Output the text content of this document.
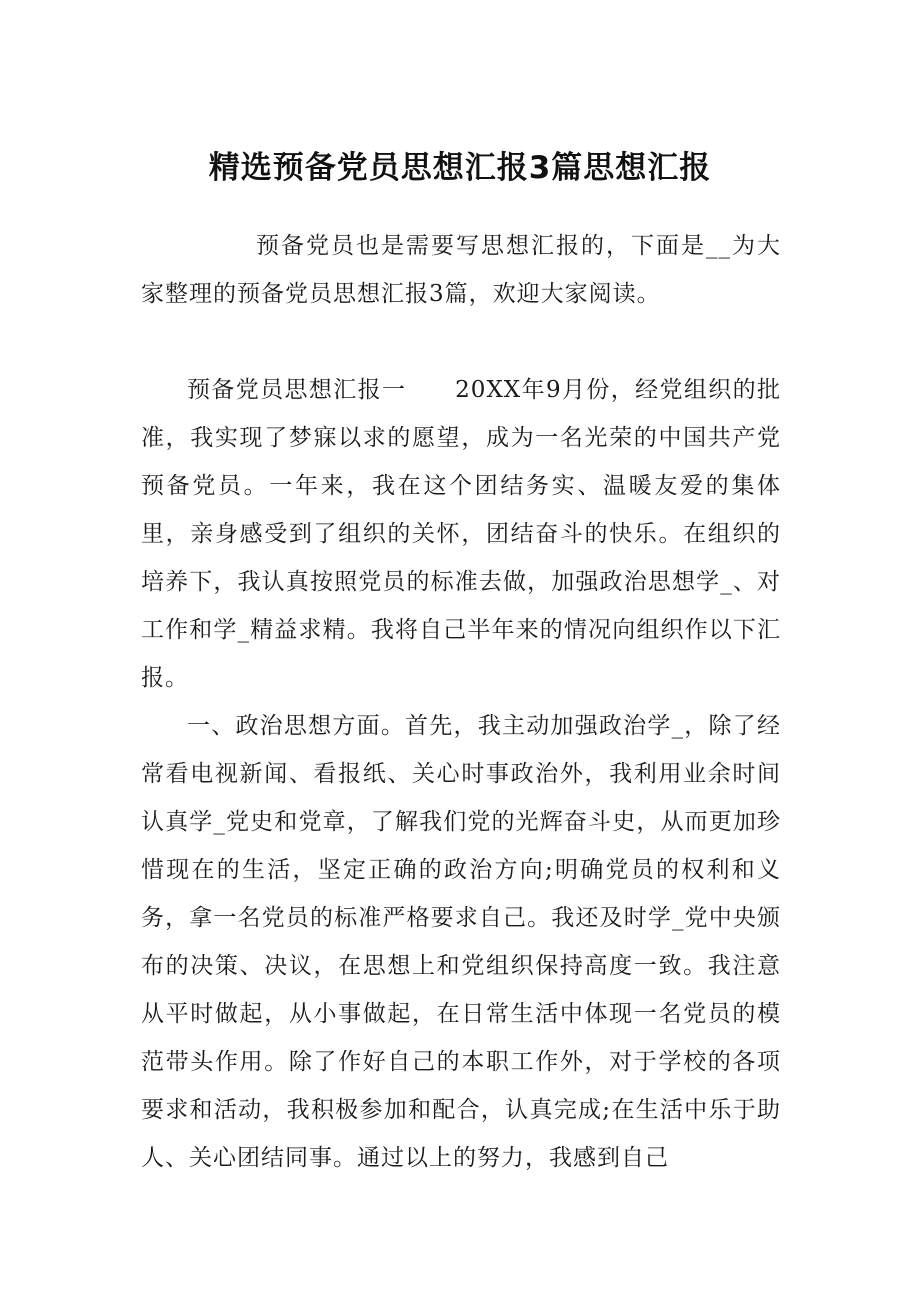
精选预备党员思想汇报3篇思想汇报

预备党员也是需要写思想汇报的，下面是__为大家整理的预备党员思想汇报3篇，欢迎大家阅读。

预备党员思想汇报一　　20XX年9月份，经党组织的批准，我实现了梦寐以求的愿望，成为一名光荣的中国共产党预备党员。一年来，我在这个团结务实、温暖友爱的集体里，亲身感受到了组织的关怀，团结奋斗的快乐。在组织的培养下，我认真按照党员的标准去做，加强政治思想学_、对工作和学_精益求精。我将自己半年来的情况向组织作以下汇报。

一、政治思想方面。首先，我主动加强政治学_，除了经常看电视新闻、看报纸、关心时事政治外，我利用业余时间认真学_党史和党章，了解我们党的光辉奋斗史，从而更加珍惜现在的生活，坚定正确的政治方向;明确党员的权利和义务，拿一名党员的标准严格要求自己。我还及时学_党中央颁布的决策、决议，在思想上和党组织保持高度一致。我注意从平时做起，从小事做起，在日常生活中体现一名党员的模范带头作用。除了作好自己的本职工作外，对于学校的各项要求和活动，我积极参加和配合，认真完成;在生活中乐于助人、关心团结同事。通过以上的努力，我感到自己
